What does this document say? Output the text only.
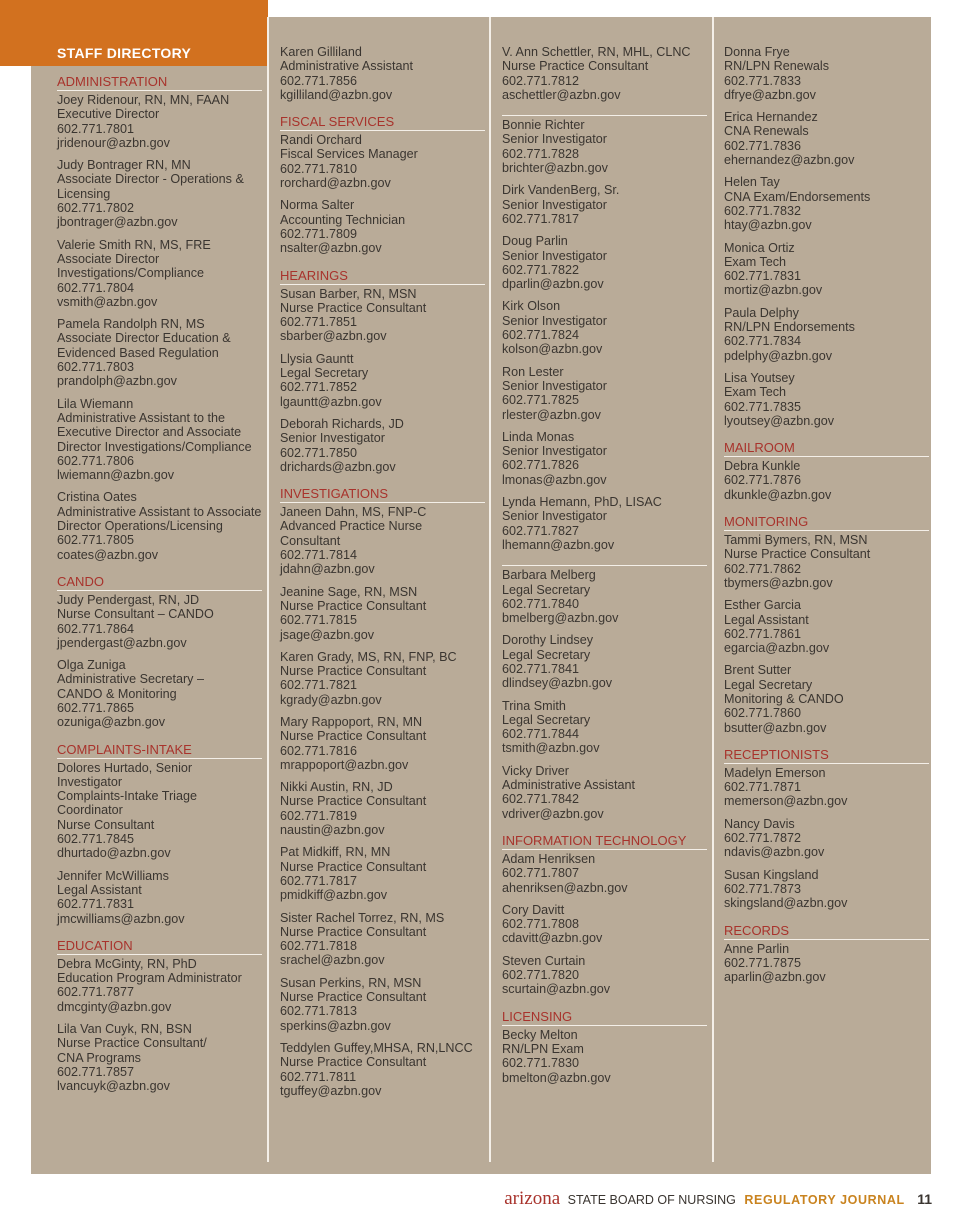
STAFF DIRECTORY
ADMINISTRATION
Joey Ridenour, RN, MN, FAAN
Executive Director
602.771.7801
jridenour@azbn.gov
Judy Bontrager RN, MN
Associate Director - Operations &
Licensing
602.771.7802
jbontrager@azbn.gov
Valerie Smith RN, MS, FRE
Associate Director
Investigations/Compliance
602.771.7804
vsmith@azbn.gov
Pamela Randolph RN, MS
Associate Director Education &
Evidenced Based Regulation
602.771.7803
prandolph@azbn.gov
Lila Wiemann
Administrative Assistant to the
Executive Director and Associate
Director Investigations/Compliance
602.771.7806
lwiemann@azbn.gov
Cristina Oates
Administrative Assistant to Associate
Director Operations/Licensing
602.771.7805
coates@azbn.gov
CANDO
Judy Pendergast, RN, JD
Nurse Consultant – CANDO
602.771.7864
jpendergast@azbn.gov
Olga Zuniga
Administrative Secretary –
CANDO & Monitoring
602.771.7865
ozuniga@azbn.gov
COMPLAINTS-INTAKE
Dolores Hurtado, Senior
Investigator
Complaints-Intake Triage
Coordinator
Nurse Consultant
602.771.7845
dhurtado@azbn.gov
Jennifer McWilliams
Legal Assistant
602.771.7831
jmcwilliams@azbn.gov
EDUCATION
Debra McGinty, RN, PhD
Education Program Administrator
602.771.7877
dmcginty@azbn.gov
Lila Van Cuyk, RN, BSN
Nurse Practice Consultant/
CNA Programs
602.771.7857
lvancuyk@azbn.gov
Karen Gilliland
Administrative Assistant
602.771.7856
kgilliland@azbn.gov
FISCAL SERVICES
Randi Orchard
Fiscal Services Manager
602.771.7810
rorchard@azbn.gov
Norma Salter
Accounting Technician
602.771.7809
nsalter@azbn.gov
HEARINGS
Susan Barber, RN, MSN
Nurse Practice Consultant
602.771.7851
sbarber@azbn.gov
Llysia Gauntt
Legal Secretary
602.771.7852
lgauntt@azbn.gov
Deborah Richards, JD
Senior Investigator
602.771.7850
drichards@azbn.gov
INVESTIGATIONS
Janeen Dahn, MS, FNP-C
Advanced Practice Nurse Consultant
602.771.7814
jdahn@azbn.gov
Jeanine Sage, RN, MSN
Nurse Practice Consultant
602.771.7815
jsage@azbn.gov
Karen Grady, MS, RN, FNP, BC
Nurse Practice Consultant
602.771.7821
kgrady@azbn.gov
Mary Rappoport, RN, MN
Nurse Practice Consultant
602.771.7816
mrappoport@azbn.gov
Nikki Austin, RN, JD
Nurse Practice Consultant
602.771.7819
naustin@azbn.gov
Pat Midkiff, RN, MN
Nurse Practice Consultant
602.771.7817
pmidkiff@azbn.gov
Sister Rachel Torrez, RN, MS
Nurse Practice Consultant
602.771.7818
srachel@azbn.gov
Susan Perkins, RN, MSN
Nurse Practice Consultant
602.771.7813
sperkins@azbn.gov
Teddylen Guffey,MHSA, RN,LNCC
Nurse Practice Consultant
602.771.7811
tguffey@azbn.gov
V. Ann Schettler, RN, MHL, CLNC
Nurse Practice Consultant
602.771.7812
aschettler@azbn.gov
Bonnie Richter
Senior Investigator
602.771.7828
brichter@azbn.gov
Dirk VandenBerg, Sr.
Senior Investigator
602.771.7817
Doug Parlin
Senior Investigator
602.771.7822
dparlin@azbn.gov
Kirk Olson
Senior Investigator
602.771.7824
kolson@azbn.gov
Ron Lester
Senior Investigator
602.771.7825
rlester@azbn.gov
Linda Monas
Senior Investigator
602.771.7826
lmonas@azbn.gov
Lynda Hemann, PhD, LISAC
Senior Investigator
602.771.7827
lhemann@azbn.gov
Barbara Melberg
Legal Secretary
602.771.7840
bmelberg@azbn.gov
Dorothy Lindsey
Legal Secretary
602.771.7841
dlindsey@azbn.gov
Trina Smith
Legal Secretary
602.771.7844
tsmith@azbn.gov
Vicky Driver
Administrative Assistant
602.771.7842
vdriver@azbn.gov
INFORMATION TECHNOLOGY
Adam Henriksen
602.771.7807
ahenriksen@azbn.gov
Cory Davitt
602.771.7808
cdavitt@azbn.gov
Steven Curtain
602.771.7820
scurtain@azbn.gov
LICENSING
Becky Melton
RN/LPN Exam
602.771.7830
bmelton@azbn.gov
Donna Frye
RN/LPN Renewals
602.771.7833
dfrye@azbn.gov
Erica Hernandez
CNA Renewals
602.771.7836
ehernandez@azbn.gov
Helen Tay
CNA Exam/Endorsements
602.771.7832
htay@azbn.gov
Monica Ortiz
Exam Tech
602.771.7831
mortiz@azbn.gov
Paula Delphy
RN/LPN Endorsements
602.771.7834
pdelphy@azbn.gov
Lisa Youtsey
Exam Tech
602.771.7835
lyoutsey@azbn.gov
MAILROOM
Debra Kunkle
602.771.7876
dkunkle@azbn.gov
MONITORING
Tammi Bymers, RN, MSN
Nurse Practice Consultant
602.771.7862
tbymers@azbn.gov
Esther Garcia
Legal Assistant
602.771.7861
egarcia@azbn.gov
Brent Sutter
Legal Secretary
Monitoring & CANDO
602.771.7860
bsutter@azbn.gov
RECEPTIONISTS
Madelyn Emerson
602.771.7871
memerson@azbn.gov
Nancy Davis
602.771.7872
ndavis@azbn.gov
Susan Kingsland
602.771.7873
skingsland@azbn.gov
RECORDS
Anne Parlin
602.771.7875
aparlin@azbn.gov
arizona STATE BOARD OF NURSING REGULATORY JOURNAL 11
